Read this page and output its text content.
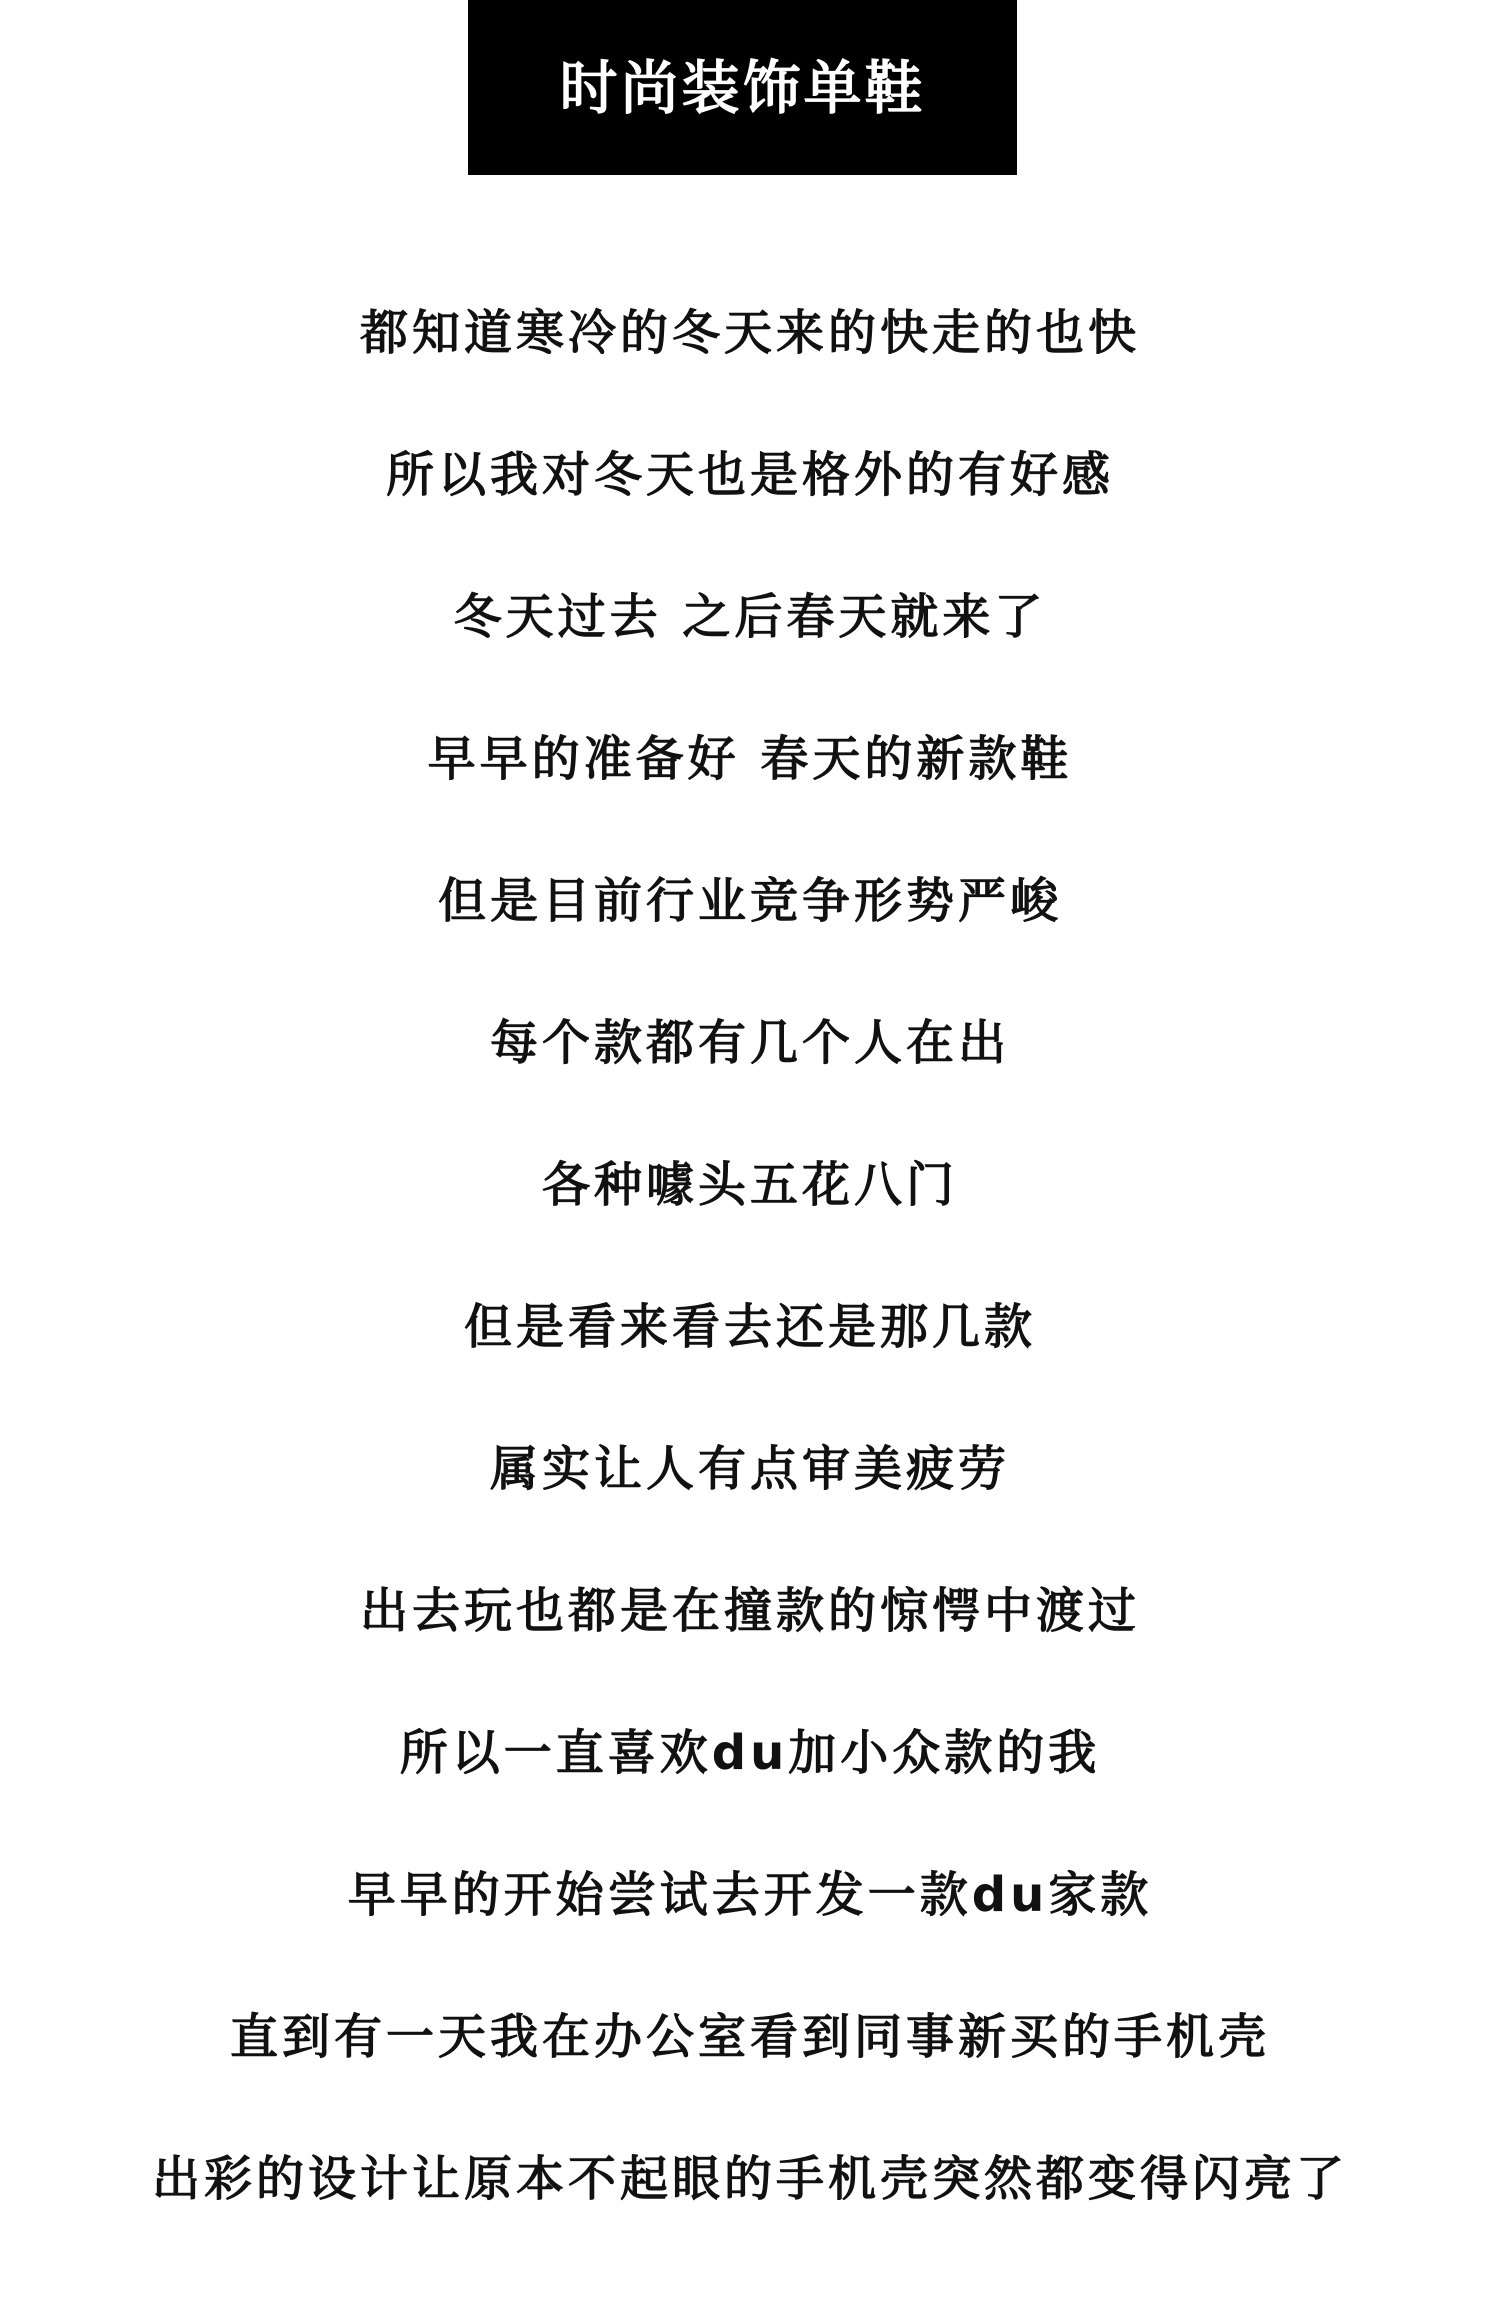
时尚装饰单鞋
都知道寒冷的冬天来的快走的也快
所以我对冬天也是格外的有好感
冬天过去 之后春天就来了
早早的准备好 春天的新款鞋
但是目前行业竞争形势严峻
每个款都有几个人在出
各种噱头五花八门
但是看来看去还是那几款
属实让人有点审美疲劳
出去玩也都是在撞款的惊愕中渡过
所以一直喜欢du加小众款的我
早早的开始尝试去开发一款du家款
直到有一天我在办公室看到同事新买的手机壳
出彩的设计让原本不起眼的手机壳突然都变得闪亮了
